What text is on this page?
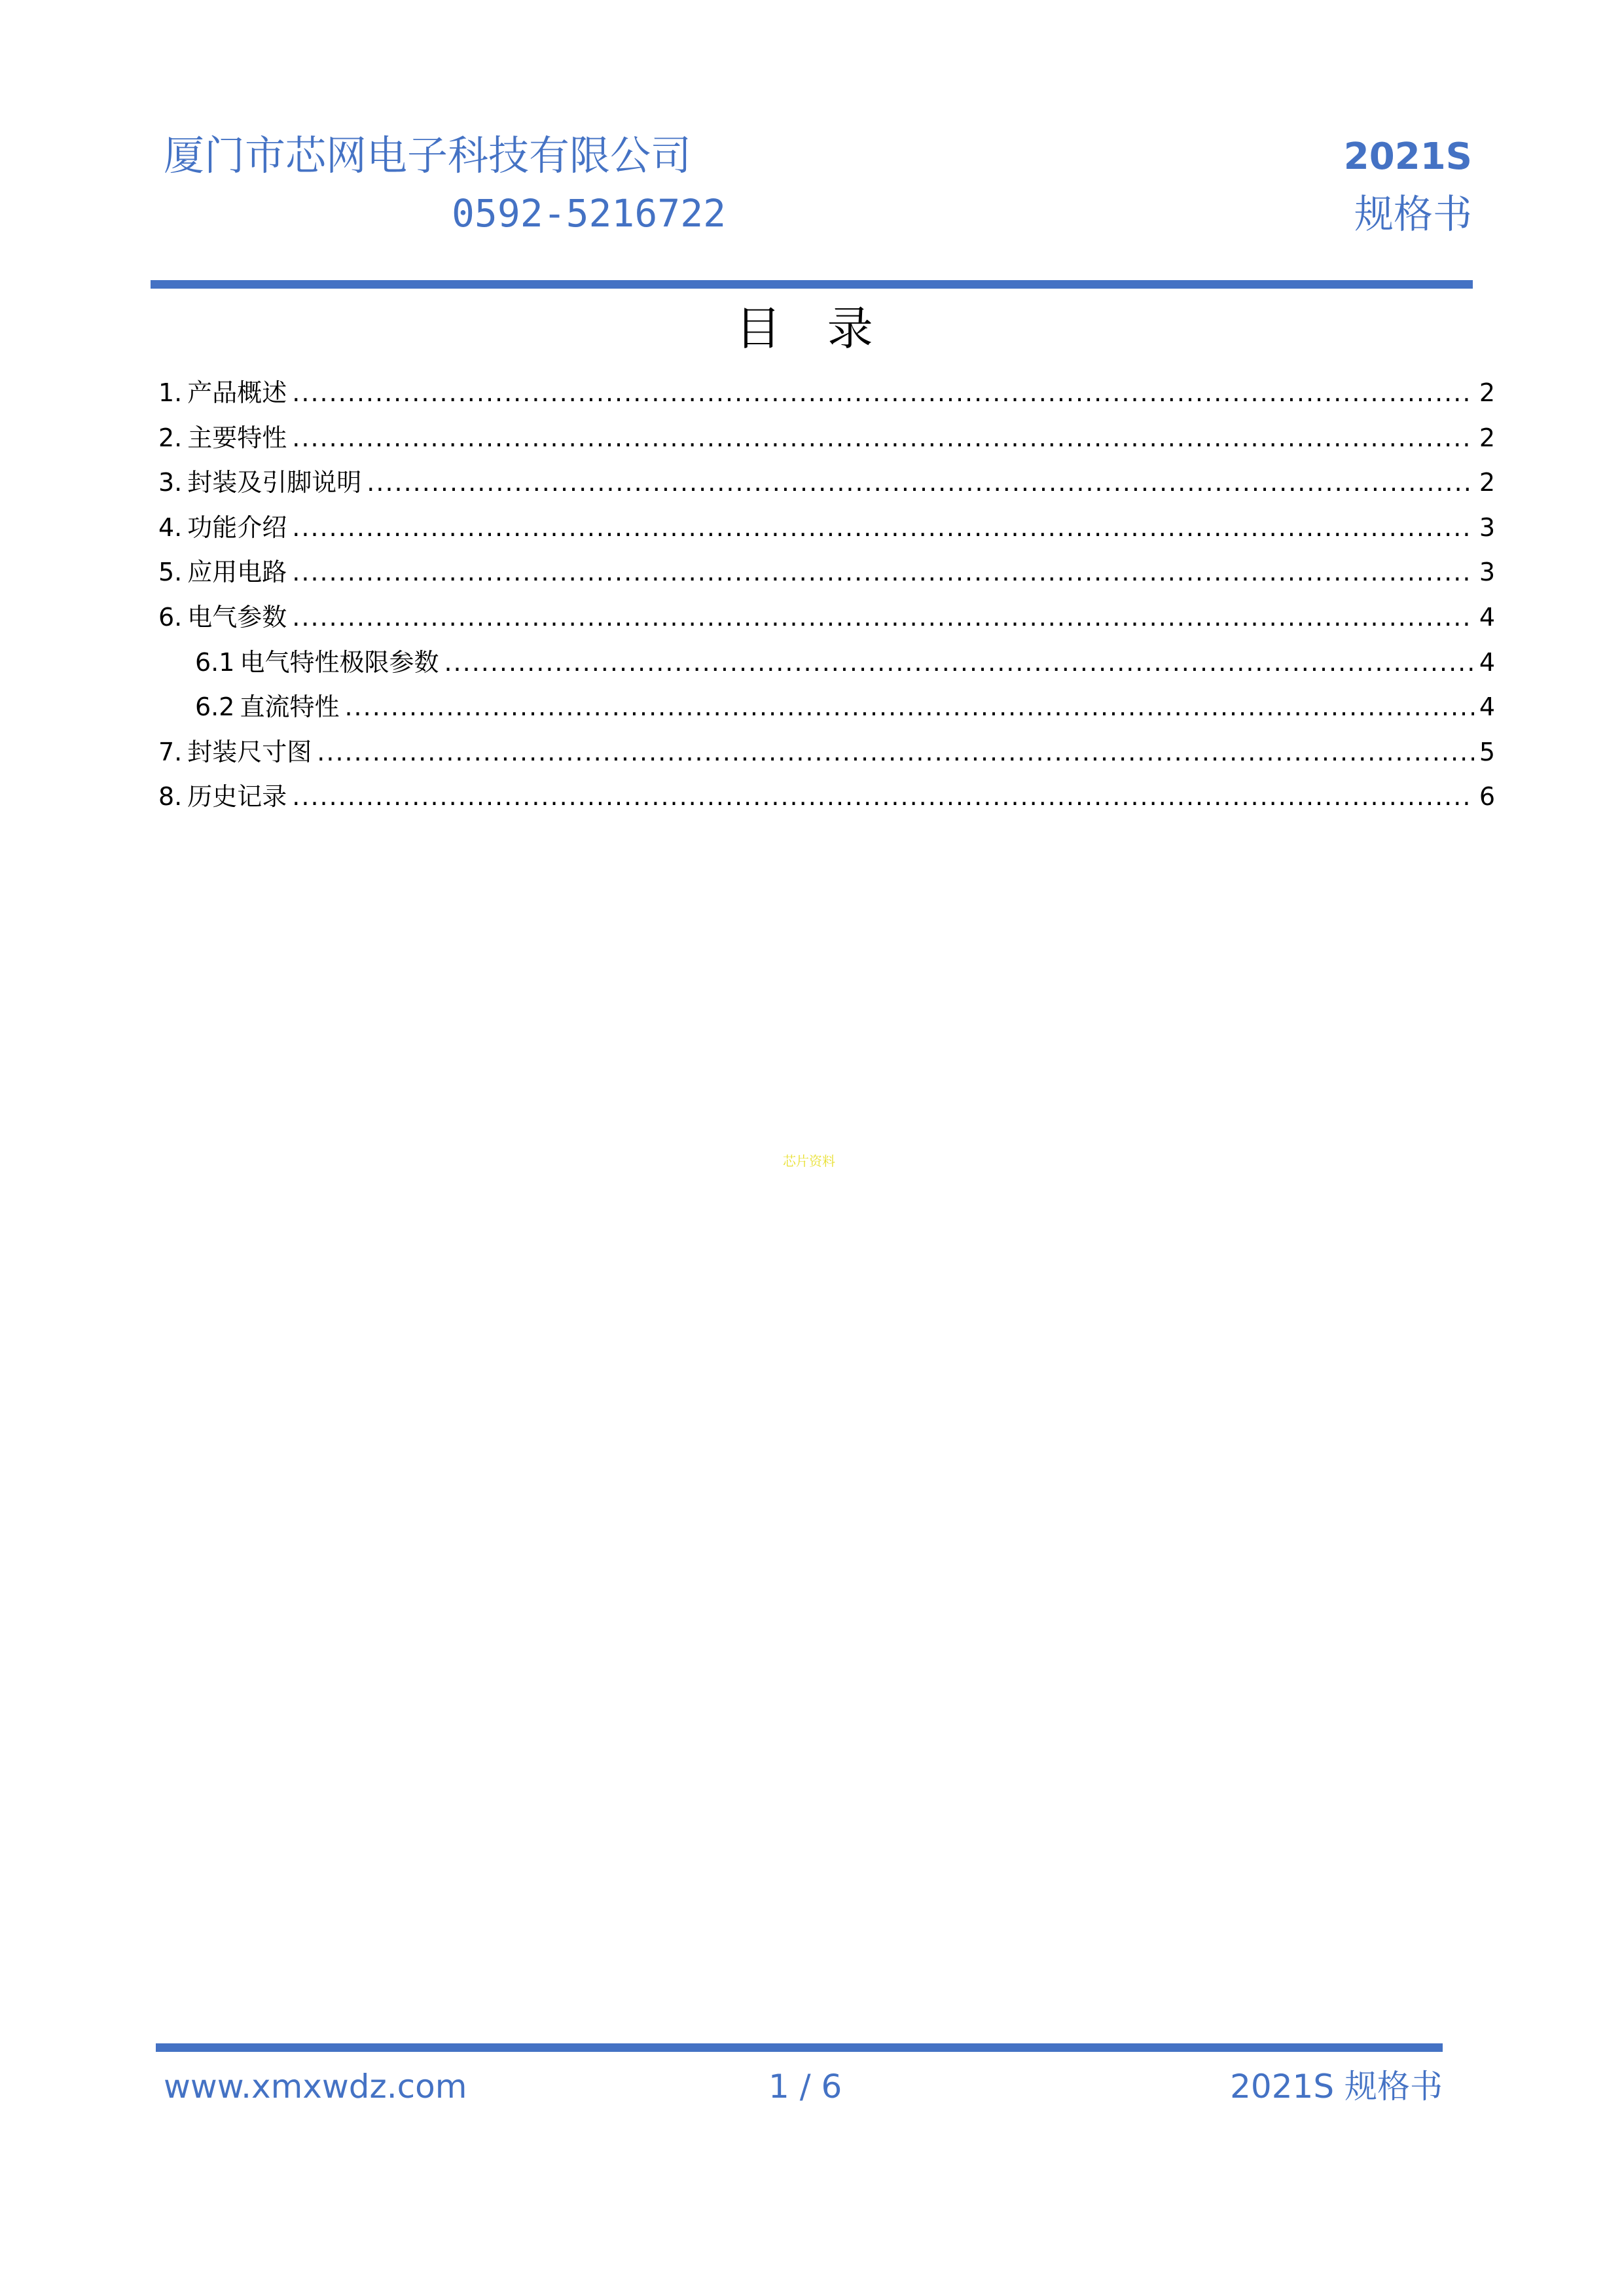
厦门市芯网电子科技有限公司
0592-5216722
2021S
规格书
目 录
1. 产品概述 .....	2
2. 主要特性 .....	2
3. 封装及引脚说明 .....	2
4. 功能介绍 .....	3
5. 应用电路 .....	3
6. 电气参数 .....	4
6.1 电气特性极限参数 .....	4
6.2 直流特性 .....	4
7. 封装尺寸图 .....	5
8. 历史记录 .....	6
芯片资料
www.xmxwdz.com	1 / 6	2021S 规格书
